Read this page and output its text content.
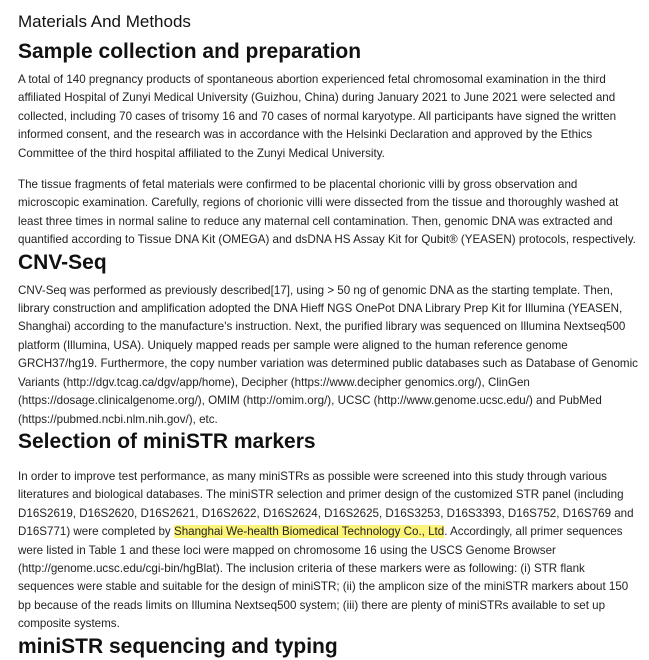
Materials And Methods
Sample collection and preparation

A total of 140 pregnancy products of spontaneous abortion experienced fetal chromosomal examination in the third affiliated Hospital of Zunyi Medical University (Guizhou, China) during January 2021 to June 2021 were selected and collected, including 70 cases of trisomy 16 and 70 cases of normal karyotype. All participants have signed the written informed consent, and the research was in accordance with the Helsinki Declaration and approved by the Ethics Committee of the third hospital affiliated to the Zunyi Medical University.

The tissue fragments of fetal materials were confirmed to be placental chorionic villi by gross observation and microscopic examination. Carefully, regions of chorionic villi were dissected from the tissue and thoroughly washed at least three times in normal saline to reduce any maternal cell contamination. Then, genomic DNA was extracted and quantified according to Tissue DNA Kit (OMEGA) and dsDNA HS Assay Kit for Qubit® (YEASEN) protocols, respectively.

CNV-Seq

CNV-Seq was performed as previously described[17], using > 50 ng of genomic DNA as the starting template. Then, library construction and amplification adopted the DNA Hieff NGS OnePot DNA Library Prep Kit for Illumina (YEASEN, Shanghai) according to the manufacture's instruction. Next, the purified library was sequenced on Illumina Nextseq500 platform (Illumina, USA). Uniquely mapped reads per sample were aligned to the human reference genome GRCH37/hg19. Furthermore, the copy number variation was determined public databases such as Database of Genomic Variants (http://dgv.tcag.ca/dgv/app/home), Decipher (https://www.decipher genomics.org/), ClinGen (https://dosage.clinicalgenome.org/), OMIM (http://omim.org/), UCSC (http://www.genome.ucsc.edu/) and PubMed (https://pubmed.ncbi.nlm.nih.gov/), etc.

Selection of miniSTR markers

In order to improve test performance, as many miniSTRs as possible were screened into this study through various literatures and biological databases. The miniSTR selection and primer design of the customized STR panel (including D16S2619, D16S2620, D16S2621, D16S2622, D16S2624, D16S2625, D16S3253, D16S3393, D16S752, D16S769 and D16S771) were completed by Shanghai We-health Biomedical Technology Co., Ltd. Accordingly, all primer sequences were listed in Table 1 and these loci were mapped on chromosome 16 using the USCS Genome Browser (http://genome.ucsc.edu/cgi-bin/hgBlat). The inclusion criteria of these markers were as following: (i) STR flank sequences were stable and suitable for the design of miniSTR; (ii) the amplicon size of the miniSTR markers about 150 bp because of the reads limits on Illumina Nextseq500 system; (iii) there are plenty of miniSTRs available to set up composite systems.

miniSTR sequencing and typing
